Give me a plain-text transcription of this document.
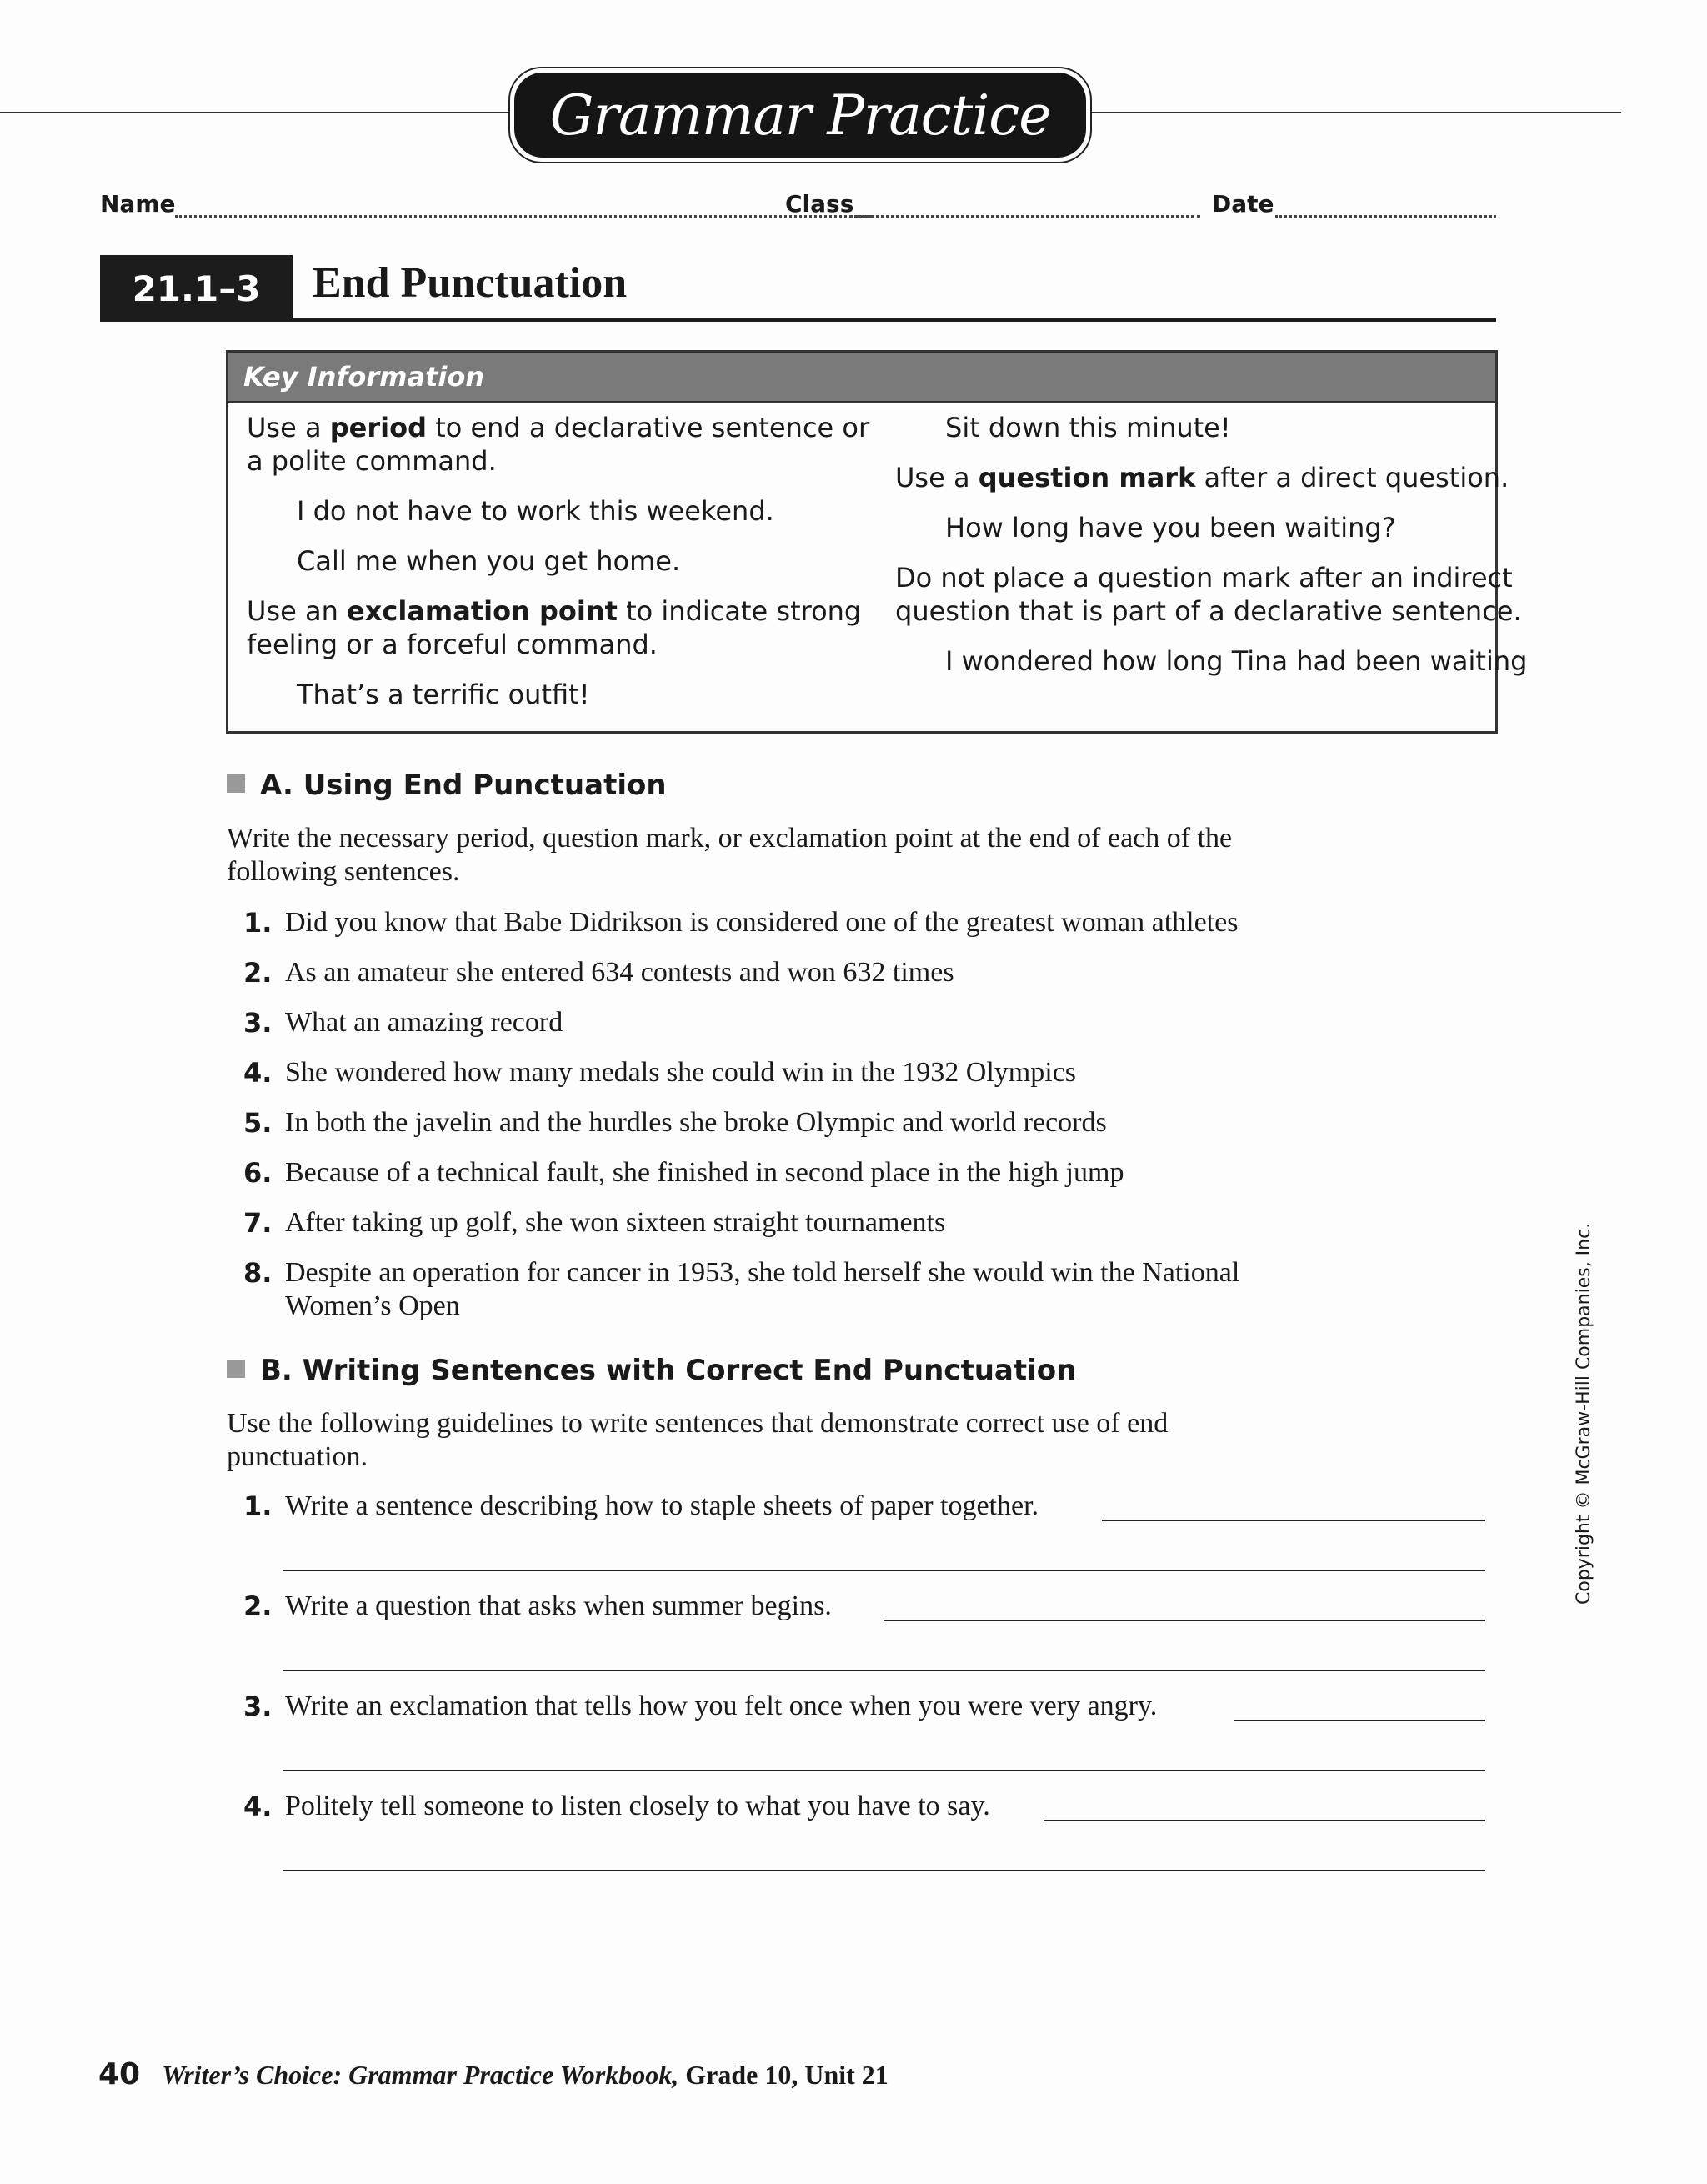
Grammar Practice
Name	Class	Date
21.1–3	End Punctuation
Key Information
Use a period to end a declarative sentence or
a polite command.
I do not have to work this weekend.
Call me when you get home.
Use an exclamation point to indicate strong
feeling or a forceful command.
That’s a terrific outfit!
Sit down this minute!
Use a question mark after a direct question.
How long have you been waiting?
Do not place a question mark after an indirect
question that is part of a declarative sentence.
I wondered how long Tina had been waiting
A. Using End Punctuation
Write the necessary period, question mark, or exclamation point at the end of each of the
following sentences.
1. Did you know that Babe Didrikson is considered one of the greatest woman athletes
2. As an amateur she entered 634 contests and won 632 times
3. What an amazing record
4. She wondered how many medals she could win in the 1932 Olympics
5. In both the javelin and the hurdles she broke Olympic and world records
6. Because of a technical fault, she finished in second place in the high jump
7. After taking up golf, she won sixteen straight tournaments
8. Despite an operation for cancer in 1953, she told herself she would win the National
Women’s Open
B. Writing Sentences with Correct End Punctuation
Use the following guidelines to write sentences that demonstrate correct use of end
punctuation.
1. Write a sentence describing how to staple sheets of paper together.
2. Write a question that asks when summer begins.
3. Write an exclamation that tells how you felt once when you were very angry.
4. Politely tell someone to listen closely to what you have to say.
Copyright © McGraw-Hill Companies, Inc.
40 Writer’s Choice: Grammar Practice Workbook, Grade 10, Unit 21
